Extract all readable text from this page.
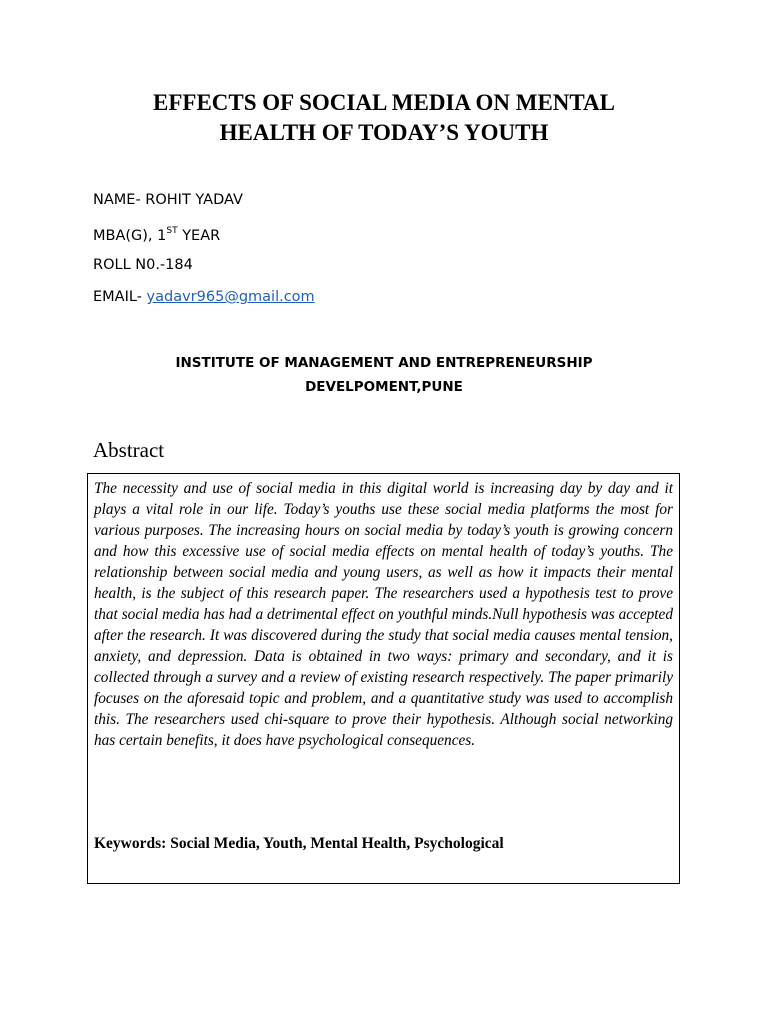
EFFECTS OF SOCIAL MEDIA ON MENTAL
HEALTH OF TODAY’S YOUTH

NAME- ROHIT YADAV

MBA(G), 1ST YEAR

ROLL N0.-184

EMAIL- yadavr965@gmail.com

INSTITUTE OF MANAGEMENT AND ENTREPRENEURSHIP
DEVELPOMENT,PUNE
Abstract

The necessity and use of social media in this digital world is increasing day by day and it plays a vital role in our life. Today’s youths use these social media platforms the most for various purposes. The increasing hours on social media by today’s youth is growing concern and how this excessive use of social media effects on mental health of today’s youths. The relationship between social media and young users, as well as how it impacts their mental health, is the subject of this research paper. The researchers used a hypothesis test to prove that social media has had a detrimental effect on youthful minds.Null hypothesis was accepted after the research. It was discovered during the study that social media causes mental tension, anxiety, and depression. Data is obtained in two ways: primary and secondary, and it is collected through a survey and a review of existing research respectively. The paper primarily focuses on the aforesaid topic and problem, and a quantitative study was used to accomplish this. The researchers used chi-square to prove their hypothesis. Although social networking has certain benefits, it does have psychological consequences.

Keywords: Social Media, Youth, Mental Health, Psychological
